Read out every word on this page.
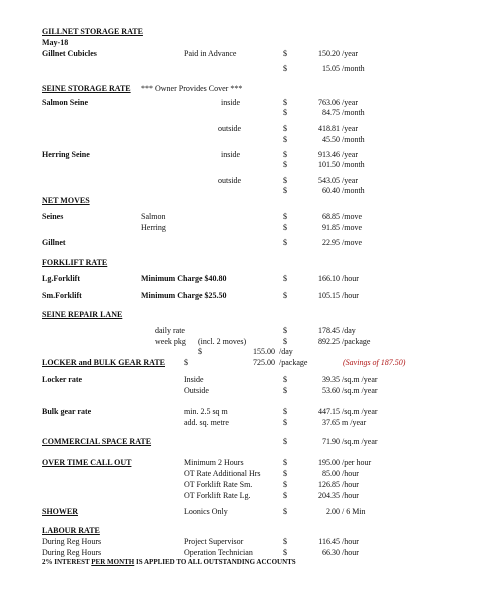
GILLNET STORAGE RATE
May-18
Gillnet Cubicles	Paid in Advance	$	150.20 /year
$	15.05 /month
SEINE STORAGE RATE *** Owner Provides Cover ***
Salmon Seine	inside	$	763.06 /year
$	84.75 /month
outside	$	418.81 /year
$	45.50 /month
Herring Seine	inside	$	913.46 /year
$	101.50 /month
outside	$	543.05 /year
$	60.40 /month
NET MOVES
Seines	Salmon	$	68.85 /move
Herring	$	91.85 /move
Gillnet	$	22.95 /move
FORKLIFT RATE
Lg.Forklift	Minimum Charge $40.80	$	166.10 /hour
Sm.Forklift	Minimum Charge $25.50	$	105.15 /hour
SEINE REPAIR LANE
daily rate	$	178.45 /day
week pkg (incl. 2 moves)	$	892.25 /package
$	155.00 /day
LOCKER and BULK GEAR RATE $	725.00 /package	(Savings of 187.50)
Locker rate	Inside	$	39.35 /sq.m /year
Outside	$	53.60 /sq.m /year
Bulk gear rate	min. 2.5 sq m	$	447.15 /sq.m /year
add. sq. metre	$	37.65 m /year
COMMERCIAL SPACE RATE	$	71.90 /sq.m /year
OVER TIME CALL OUT	Minimum 2 Hours	$	195.00 /per hour
OT Rate Additional Hrs	$	85.00 /hour
OT Forklift Rate Sm.	$	126.85 /hour
OT Forklift Rate Lg.	$	204.35 /hour
SHOWER	Loonics Only	$	2.00 / 6 Min
LABOUR RATE
During Reg Hours	Project Supervisor	$	116.45 /hour
During Reg Hours	Operation Technician	$	66.30 /hour
2% INTEREST PER MONTH IS APPLIED TO ALL OUTSTANDING ACCOUNTS
